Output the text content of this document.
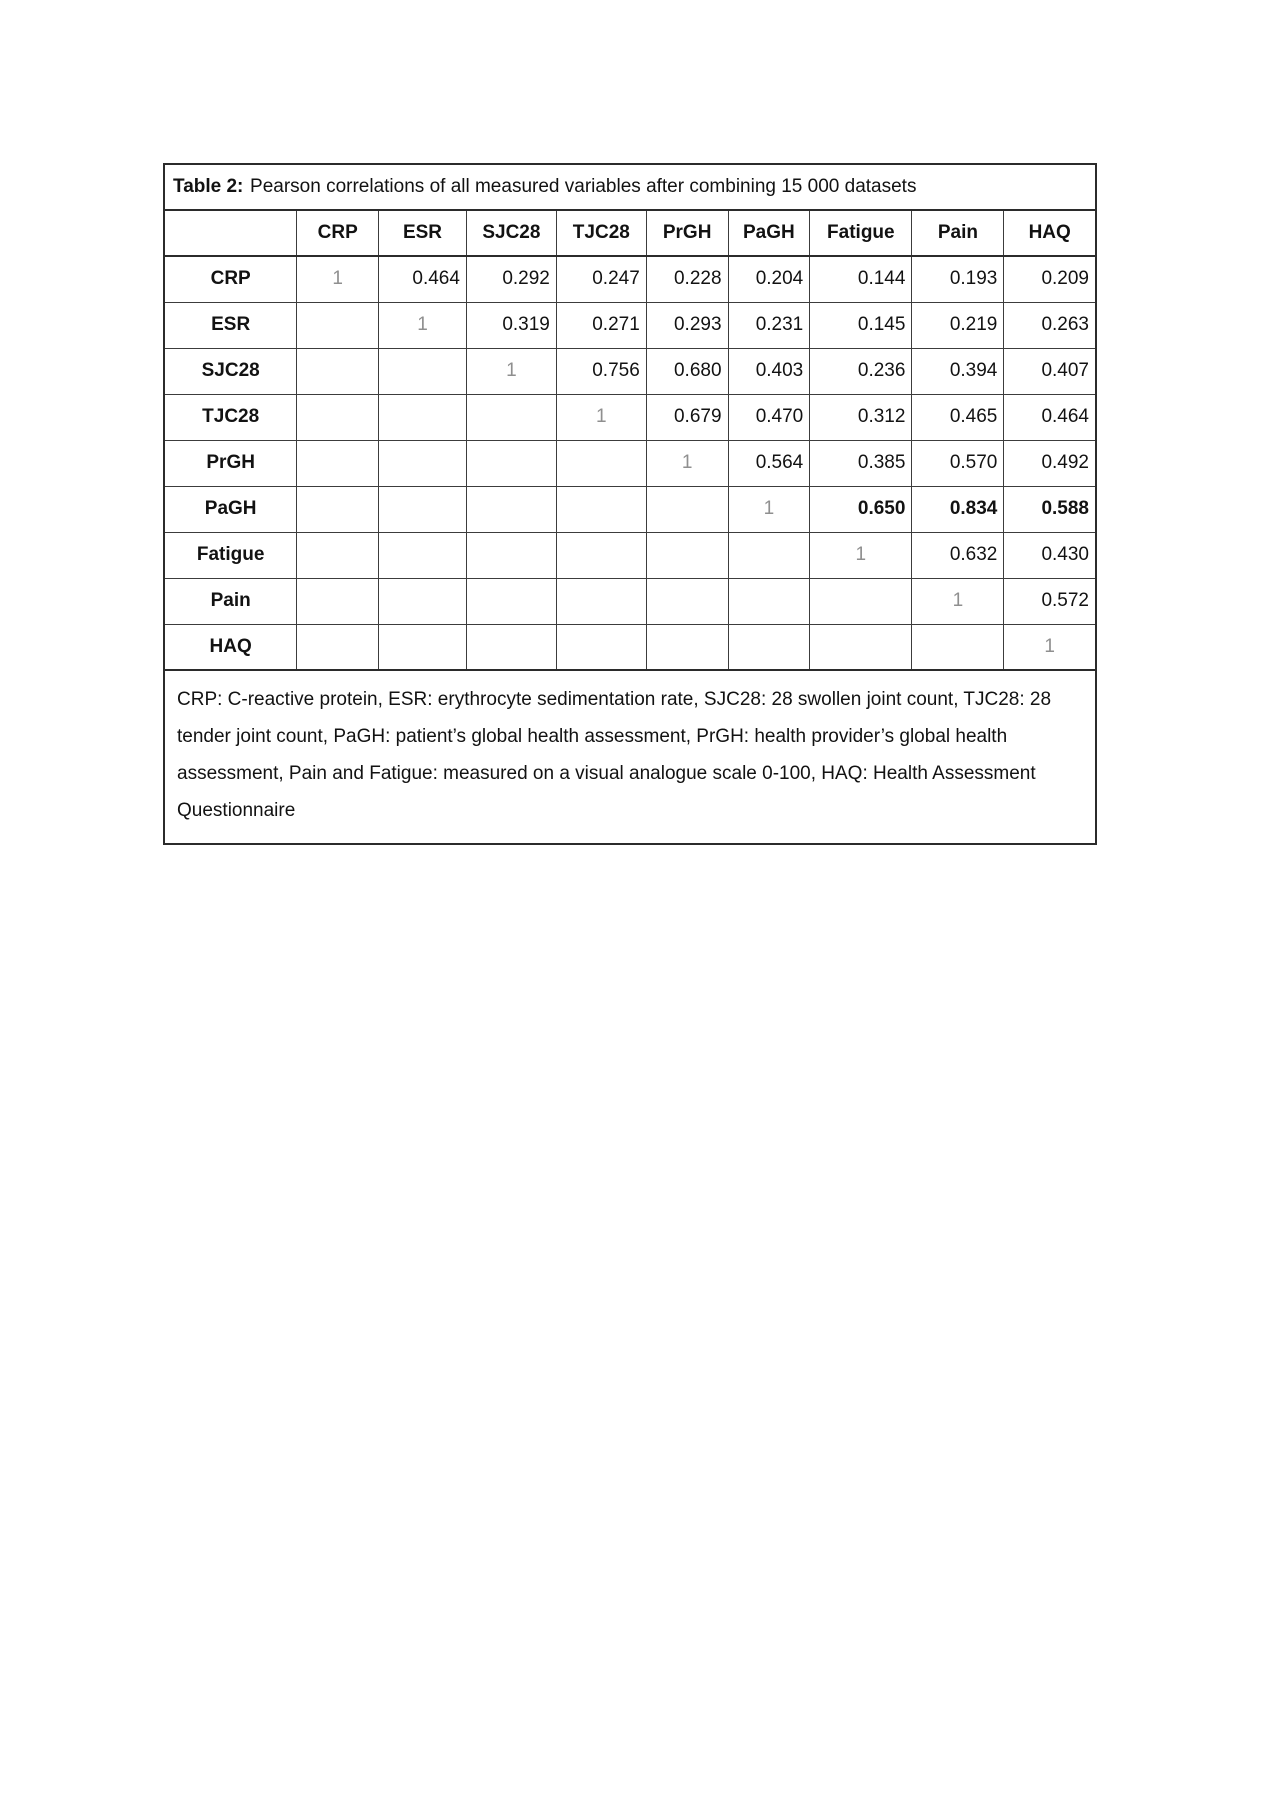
Table 2: Pearson correlations of all measured variables after combining 15 000 datasets									
	CRP	ESR	SJC28	TJC28	PrGH	PaGH	Fatigue	Pain	HAQ
CRP	1	0.464	0.292	0.247	0.228	0.204	0.144	0.193	0.209
ESR		1	0.319	0.271	0.293	0.231	0.145	0.219	0.263
SJC28			1	0.756	0.680	0.403	0.236	0.394	0.407
TJC28				1	0.679	0.470	0.312	0.465	0.464
PrGH					1	0.564	0.385	0.570	0.492
PaGH						1	0.650	0.834	0.588
Fatigue							1	0.632	0.430
Pain								1	0.572
HAQ									1
CRP: C-reactive protein, ESR: erythrocyte sedimentation rate, SJC28: 28 swollen joint count, TJC28: 28 tender joint count, PaGH: patient’s global health assessment, PrGH: health provider’s global health assessment, Pain and Fatigue: measured on a visual analogue scale 0-100, HAQ: Health Assessment Questionnaire									
